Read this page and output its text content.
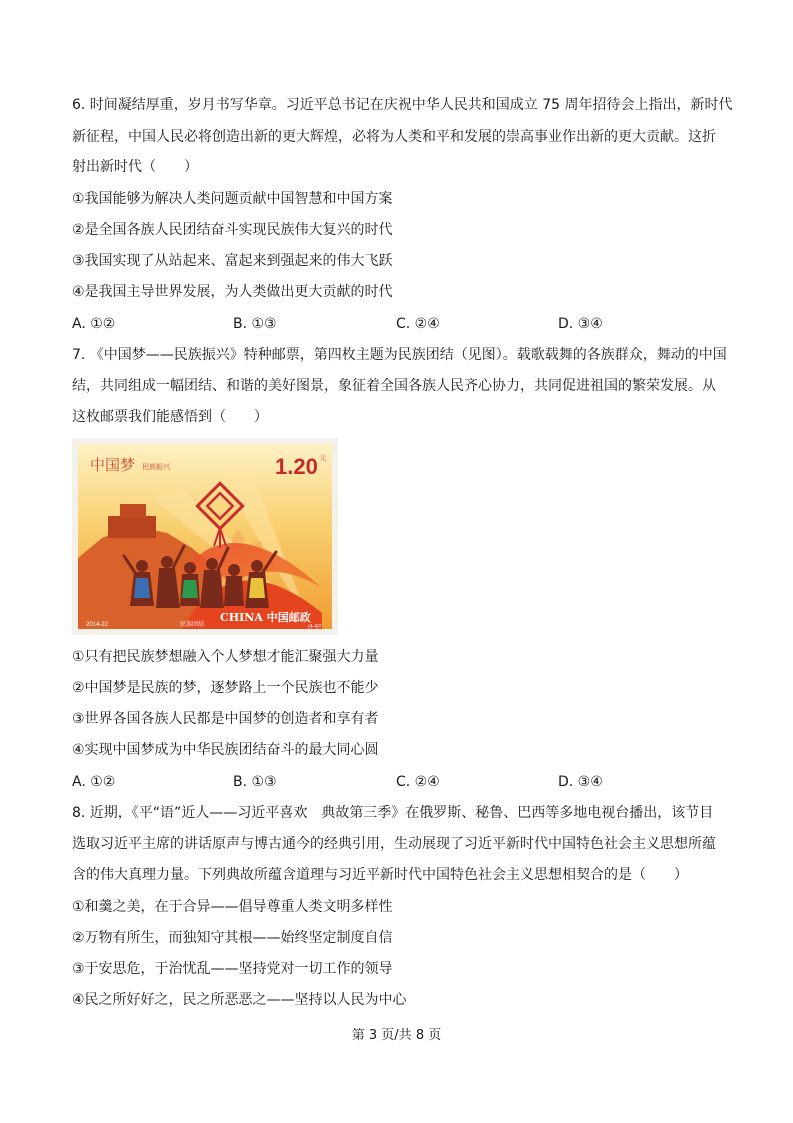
6. 时间凝结厚重，岁月书写华章。习近平总书记在庆祝中华人民共和国成立 75 周年招待会上指出，新时代
新征程，中国人民必将创造出新的更大辉煌，必将为人类和平和发展的崇高事业作出新的更大贡献。这折
射出新时代（　　）
①我国能够为解决人类问题贡献中国智慧和中国方案
②是全国各族人民团结奋斗实现民族伟大复兴的时代
③我国实现了从站起来、富起来到强起来的伟大飞跃
④是我国主导世界发展，为人类做出更大贡献的时代
A. ①②	B. ①③	C. ②④	D. ③④
7. 《中国梦——民族振兴》特种邮票，第四枚主题为民族团结（见图）。载歌载舞的各族群众，舞动的中国
结，共同组成一幅团结、和谐的美好图景，象征着全国各族人民齐心协力，共同促进祖国的繁荣发展。从
这枚邮票我们能感悟到（　　）
中国梦 民族振兴	1.20 元
CHINA 中国邮政
2014-22	民族团结	(4-4)T
①只有把民族梦想融入个人梦想才能汇聚强大力量
②中国梦是民族的梦，逐梦路上一个民族也不能少
③世界各国各族人民都是中国梦的创造者和享有者
④实现中国梦成为中华民族团结奋斗的最大同心圆
A. ①②	B. ①③	C. ②④	D. ③④
8. 近期，《平“语”近人——习近平喜欢　典故第三季》在俄罗斯、秘鲁、巴西等多地电视台播出，该节目
选取习近平主席的讲话原声与博古通今的经典引用，生动展现了习近平新时代中国特色社会主义思想所蕴
含的伟大真理力量。下列典故所蕴含道理与习近平新时代中国特色社会主义思想相契合的是（　　）
①和羹之美，在于合异——倡导尊重人类文明多样性
②万物有所生，而独知守其根——始终坚定制度自信
③于安思危，于治忧乱——坚持党对一切工作的领导
④民之所好好之，民之所恶恶之——坚持以人民为中心
第 3 页/共 8 页
